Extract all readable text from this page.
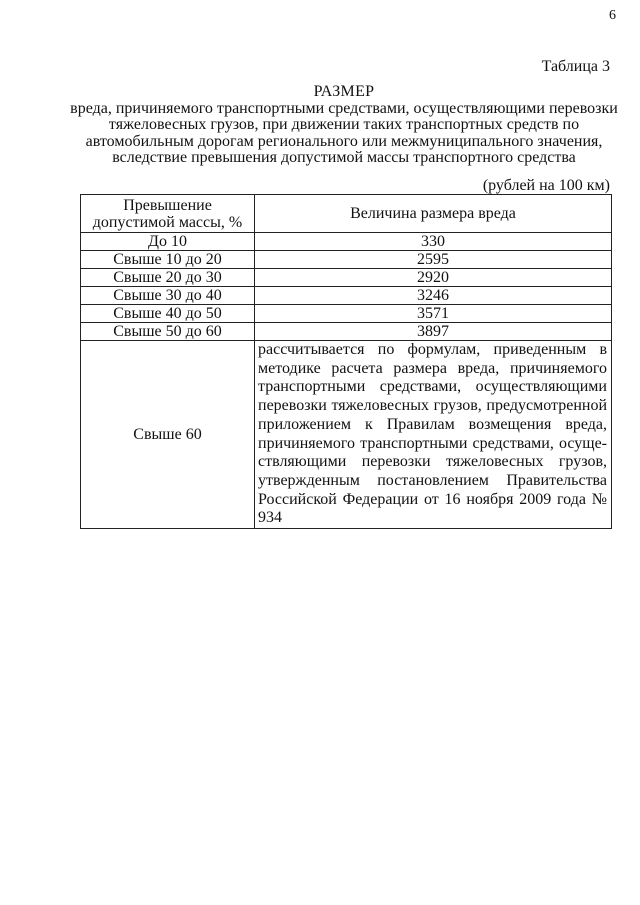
6
Таблица 3
РАЗМЕР
вреда, причиняемого транспортными средствами, осуществляющими перевозки тяжеловесных грузов, при движении таких транспортных средств по автомобильным дорогам регионального или межмуниципального значения, вследствие превышения допустимой массы транспортного средства
(рублей на 100 км)
Превышение допустимой массы, %	Величина размера вреда
До 10	330
Свыше 10 до 20	2595
Свыше 20 до 30	2920
Свыше 30 до 40	3246
Свыше 40 до 50	3571
Свыше 50 до 60	3897
Свыше 60	рассчитывается по формулам, приведенным в методике расчета размера вреда, причиняемого транспортными средствами, осуществляющими перевозки тяжеловесных грузов, предусмотренной приложением к Правилам возмещения вреда, причиняемого транспортными средствами, осуще-ствляющими перевозки тяжеловесных грузов, утвержденным постановлением Правительства Российской Федерации от 16 ноября 2009 года № 934
